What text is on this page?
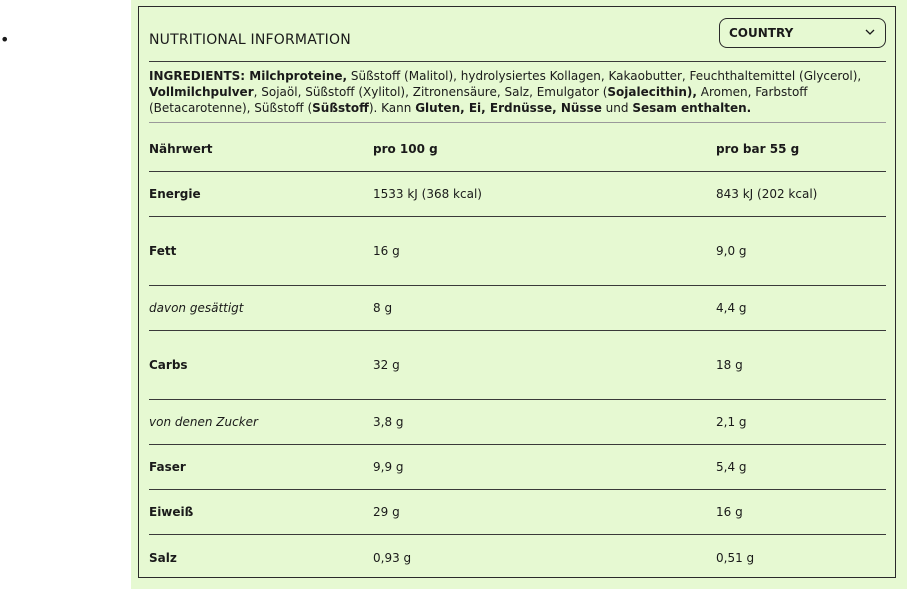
•	NUTRITIONAL INFORMATION	COUNTRY
INGREDIENTS: Milchproteine, Süßstoff (Malitol), hydrolysiertes Kollagen, Kakaobutter, Feuchthaltemittel (Glycerol), Vollmilchpulver, Sojaöl, Süßstoff (Xylitol), Zitronensäure, Salz, Emulgator (Sojalecithin), Aromen, Farbstoff (Betacarotenne), Süßstoff (Süßstoff). Kann Gluten, Ei, Erdnüsse, Nüsse und Sesam enthalten.
Nährwert	pro 100 g	pro bar 55 g
Energie	1533 kJ (368 kcal)	843 kJ (202 kcal)
Fett	16 g	9,0 g
davon gesättigt	8 g	4,4 g
Carbs	32 g	18 g
von denen Zucker	3,8 g	2,1 g
Faser	9,9 g	5,4 g
Eiweiß	29 g	16 g
Salz	0,93 g	0,51 g
